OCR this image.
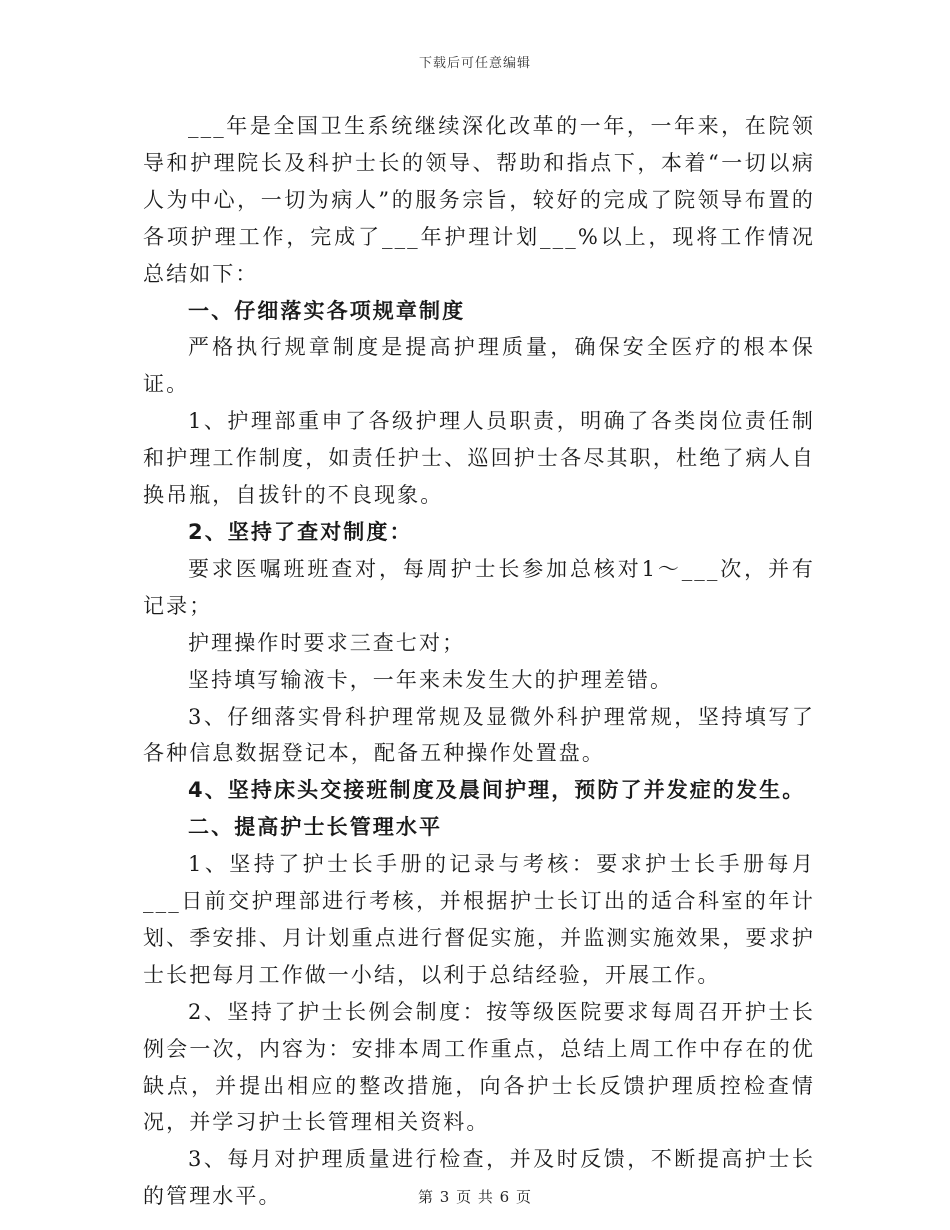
下载后可任意编辑

___年是全国卫生系统继续深化改革的一年，一年来，在院领导和护理院长及科护士长的领导、帮助和指点下，本着“一切以病人为中心，一切为病人”的服务宗旨，较好的完成了院领导布置的各项护理工作，完成了___年护理计划___%以上，现将工作情况总结如下：

一、仔细落实各项规章制度

严格执行规章制度是提高护理质量，确保安全医疗的根本保证。

1、护理部重申了各级护理人员职责，明确了各类岗位责任制和护理工作制度，如责任护士、巡回护士各尽其职，杜绝了病人自换吊瓶，自拔针的不良现象。

2、坚持了查对制度：

要求医嘱班班查对，每周护士长参加总核对1～___次，并有记录；

护理操作时要求三查七对；

坚持填写输液卡，一年来未发生大的护理差错。

3、仔细落实骨科护理常规及显微外科护理常规，坚持填写了各种信息数据登记本，配备五种操作处置盘。

4、坚持床头交接班制度及晨间护理，预防了并发症的发生。

二、提高护士长管理水平

1、坚持了护士长手册的记录与考核：要求护士长手册每月___日前交护理部进行考核，并根据护士长订出的适合科室的年计划、季安排、月计划重点进行督促实施，并监测实施效果，要求护士长把每月工作做一小结，以利于总结经验，开展工作。

2、坚持了护士长例会制度：按等级医院要求每周召开护士长例会一次，内容为：安排本周工作重点，总结上周工作中存在的优缺点，并提出相应的整改措施，向各护士长反馈护理质控检查情况，并学习护士长管理相关资料。

3、每月对护理质量进行检查，并及时反馈，不断提高护士长的管理水平。	第 3 页 共 6 页
